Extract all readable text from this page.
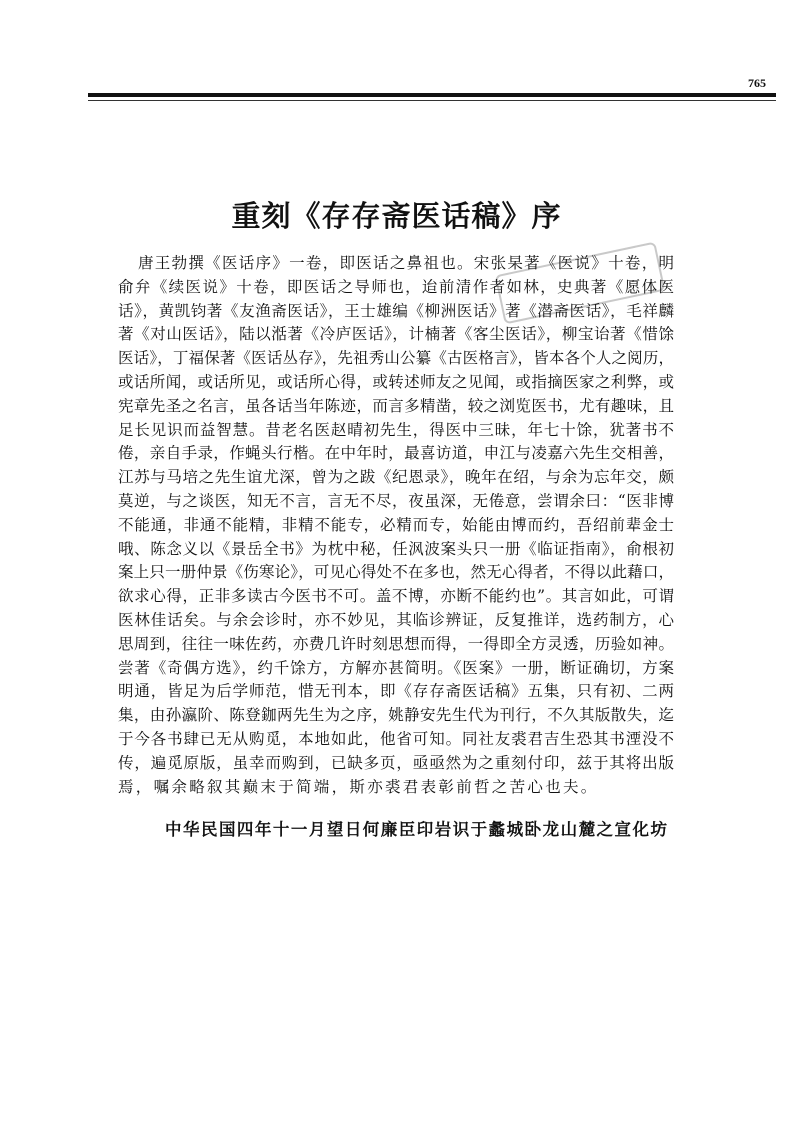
765
重刻《存存斋医话稿》序
唐王勃撰《医话序》一卷，即医话之鼻祖也。宋张杲著《医说》十卷，明
俞弁《续医说》十卷，即医话之导师也，迨前清作者如林，史典著《愿体医
话》，黄凯钧著《友渔斋医话》，王士雄编《柳洲医话》著《潜斋医话》，毛祥麟
著《对山医话》，陆以湉著《冷庐医话》，计楠著《客尘医话》，柳宝诒著《惜馀
医话》，丁福保著《医话丛存》，先祖秀山公纂《古医格言》，皆本各个人之阅历，
或话所闻，或话所见，或话所心得，或转述师友之见闻，或指摘医家之利弊，或
宪章先圣之名言，虽各话当年陈迹，而言多精凿，较之浏览医书，尤有趣味，且
足长见识而益智慧。昔老名医赵晴初先生，得医中三昧，年七十馀，犹著书不
倦，亲自手录，作蝇头行楷。在中年时，最喜访道，申江与凌嘉六先生交相善，
江苏与马培之先生谊尤深，曾为之跋《纪恩录》，晚年在绍，与余为忘年交，颇
莫逆，与之谈医，知无不言，言无不尽，夜虽深，无倦意，尝谓余曰：“医非博
不能通，非通不能精，非精不能专，必精而专，始能由博而约，吾绍前辈金士
哦、陈念义以《景岳全书》为枕中秘，任沨波案头只一册《临证指南》，俞根初
案上只一册仲景《伤寒论》，可见心得处不在多也，然无心得者，不得以此藉口，
欲求心得，正非多读古今医书不可。盖不博，亦断不能约也”。其言如此，可谓
医林佳话矣。与余会诊时，亦不妙见，其临诊辨证，反复推详，选药制方，心
思周到，往往一味佐药，亦费几许时刻思想而得，一得即全方灵透，历验如神。
尝著《奇偶方选》，约千馀方，方解亦甚简明。《医案》一册，断证确切，方案
明通，皆足为后学师范，惜无刊本，即《存存斋医话稿》五集，只有初、二两
集，由孙瀛阶、陈登鉫两先生为之序，姚静安先生代为刊行，不久其版散失，迄
于今各书肆已无从购觅，本地如此，他省可知。同社友裘君吉生恐其书湮没不
传，遍觅原版，虽幸而购到，已缺多页，亟亟然为之重刻付印，兹于其将出版
焉，嘱余略叙其巅末于简端，斯亦裘君表彰前哲之苦心也夫。
中华民国四年十一月望日何廉臣印岩识于蠡城卧龙山麓之宣化坊
